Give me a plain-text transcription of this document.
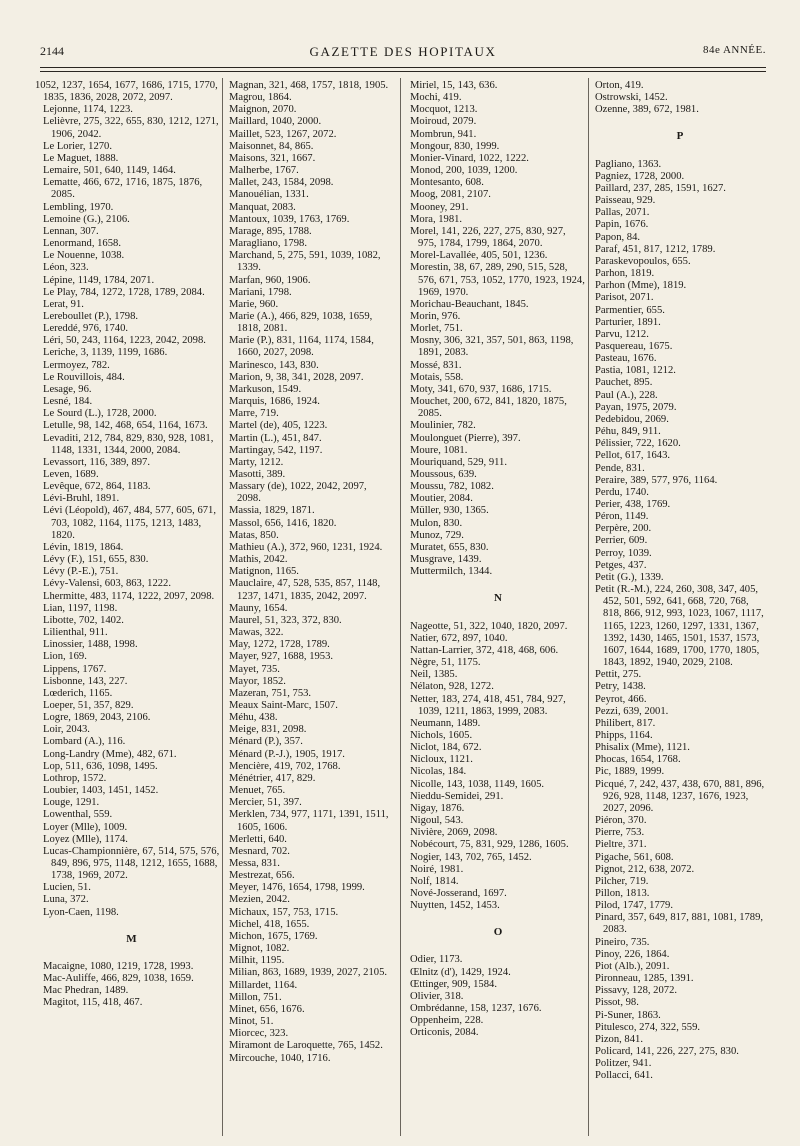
2144	GAZETTE DES HOPITAUX	84e ANNÉE.
1052, 1237, 1654, 1677, 1686, 1715, 1770, 1835, 1836, 2028, 2072, 2097.
Lejonne, 1174, 1223.
Lelièvre, 275, 322, 655, 830, 1212, 1271, 1906, 2042.
Le Lorier, 1270.
Le Maguet, 1888.
Lemaire, 501, 640, 1149, 1464.
Lematte, 466, 672, 1716, 1875, 1876, 2085.
Lembling, 1970.
Lemoine (G.), 2106.
Lennan, 307.
Lenormand, 1658.
Le Nouenne, 1038.
Léon, 323.
Lépine, 1149, 1784, 2071.
Le Play, 784, 1272, 1728, 1789, 2084.
Lerat, 91.
Lereboullet (P.), 1798.
Lereddé, 976, 1740.
Léri, 50, 243, 1164, 1223, 2042, 2098.
Leriche, 3, 1139, 1199, 1686.
Lermoyez, 782.
Le Rouvillois, 484.
Lesage, 96.
Lesné, 184.
Le Sourd (L.), 1728, 2000.
Letulle, 98, 142, 468, 654, 1164, 1673.
Levaditi, 212, 784, 829, 830, 928, 1081, 1148, 1331, 1344, 2000, 2084.
Levassort, 116, 389, 897.
Leven, 1689.
Levêque, 672, 864, 1183.
Lévi-Bruhl, 1891.
Lévi (Léopold), 467, 484, 577, 605, 671, 703, 1082, 1164, 1175, 1213, 1483, 1820.
Lévin, 1819, 1864.
Lévy (F.), 151, 655, 830.
Lévy (P.-E.), 751.
Lévy-Valensi, 603, 863, 1222.
Lhermitte, 483, 1174, 1222, 2097, 2098.
Lian, 1197, 1198.
Libotte, 702, 1402.
Lilienthal, 911.
Linossier, 1488, 1998.
Lion, 169.
Lippens, 1767.
Lisbonne, 143, 227.
Lœderich, 1165.
Loeper, 51, 357, 829.
Logre, 1869, 2043, 2106.
Loir, 2043.
Lombard (A.), 116.
Long-Landry (Mme), 482, 671.
Lop, 511, 636, 1098, 1495.
Lothrop, 1572.
Loubier, 1403, 1451, 1452.
Louge, 1291.
Lowenthal, 559.
Loyer (Mlle), 1009.
Loyez (Mlle), 1174.
Lucas-Championnière, 67, 514, 575, 576, 849, 896, 975, 1148, 1212, 1655, 1688, 1738, 1969, 2072.
Lucien, 51.
Luna, 372.
Lyon-Caen, 1198.
M
Macaigne, 1080, 1219, 1728, 1993.
Mac-Auliffe, 466, 829, 1038, 1659.
Mac Phedran, 1489.
Magitot, 115, 418, 467.
Magnan, 321, 468, 1757, 1818, 1905.
Magrou, 1864.
Maignon, 2070.
Maillard, 1040, 2000.
Maillet, 523, 1267, 2072.
Maisonnet, 84, 865.
Maisons, 321, 1667.
Malherbe, 1767.
Mallet, 243, 1584, 2098.
Manouélian, 1331.
Manquat, 2083.
Mantoux, 1039, 1763, 1769.
Marage, 895, 1788.
Maragliano, 1798.
Marchand, 5, 275, 591, 1039, 1082, 1339.
Marfan, 960, 1906.
Mariani, 1798.
Marie, 960.
Marie (A.), 466, 829, 1038, 1659, 1818, 2081.
Marie (P.), 831, 1164, 1174, 1584, 1660, 2027, 2098.
Marinesco, 143, 830.
Marion, 9, 38, 341, 2028, 2097.
Markuson, 1549.
Marquis, 1686, 1924.
Marre, 719.
Martel (de), 405, 1223.
Martin (L.), 451, 847.
Martingay, 542, 1197.
Marty, 1212.
Masotti, 389.
Massary (de), 1022, 2042, 2097, 2098.
Massia, 1829, 1871.
Massol, 656, 1416, 1820.
Matas, 850.
Mathieu (A.), 372, 960, 1231, 1924.
Mathis, 2042.
Matignon, 1165.
Mauclaire, 47, 528, 535, 857, 1148, 1237, 1471, 1835, 2042, 2097.
Mauny, 1654.
Maurel, 51, 323, 372, 830.
Mawas, 322.
May, 1272, 1728, 1789.
Mayer, 927, 1688, 1953.
Mayet, 735.
Mayor, 1852.
Mazeran, 751, 753.
Meaux Saint-Marc, 1507.
Méhu, 438.
Meige, 831, 2098.
Ménard (P.), 357.
Ménard (P.-J.), 1905, 1917.
Mencière, 419, 702, 1768.
Ménétrier, 417, 829.
Menuet, 765.
Mercier, 51, 397.
Merklen, 734, 977, 1171, 1391, 1511, 1605, 1606.
Merletti, 640.
Mesnard, 702.
Messa, 831.
Mestrezat, 656.
Meyer, 1476, 1654, 1798, 1999.
Mezien, 2042.
Michaux, 157, 753, 1715.
Michel, 418, 1655.
Michon, 1675, 1769.
Mignot, 1082.
Milhit, 1195.
Milian, 863, 1689, 1939, 2027, 2105.
Millardet, 1164.
Millon, 751.
Minet, 656, 1676.
Minot, 51.
Miorcec, 323.
Miramont de Laroquette, 765, 1452.
Mircouche, 1040, 1716.
Miriel, 15, 143, 636.
Mochi, 419.
Mocquot, 1213.
Moiroud, 2079.
Mombrun, 941.
Mongour, 830, 1999.
Monier-Vinard, 1022, 1222.
Monod, 200, 1039, 1200.
Montesanto, 608.
Moog, 2081, 2107.
Mooney, 291.
Mora, 1981.
Morel, 141, 226, 227, 275, 830, 927, 975, 1784, 1799, 1864, 2070.
Morel-Lavallée, 405, 501, 1236.
Morestin, 38, 67, 289, 290, 515, 528, 576, 671, 753, 1052, 1770, 1923, 1924, 1969, 1970.
Morichau-Beauchant, 1845.
Morin, 976.
Morlet, 751.
Mosny, 306, 321, 357, 501, 863, 1198, 1891, 2083.
Mossé, 831.
Motais, 558.
Moty, 341, 670, 937, 1686, 1715.
Mouchet, 200, 672, 841, 1820, 1875, 2085.
Moulinier, 782.
Moulonguet (Pierre), 397.
Moure, 1081.
Mouriquand, 529, 911.
Moussous, 639.
Moussu, 782, 1082.
Moutier, 2084.
Müller, 930, 1365.
Mulon, 830.
Munoz, 729.
Muratet, 655, 830.
Musgrave, 1439.
Muttermilch, 1344.
N
Nageotte, 51, 322, 1040, 1820, 2097.
Natier, 672, 897, 1040.
Nattan-Larrier, 372, 418, 468, 606.
Nègre, 51, 1175.
Neil, 1385.
Nélaton, 928, 1272.
Netter, 183, 274, 418, 451, 784, 927, 1039, 1211, 1863, 1999, 2083.
Neumann, 1489.
Nichols, 1605.
Niclot, 184, 672.
Nicloux, 1121.
Nicolas, 184.
Nicolle, 143, 1038, 1149, 1605.
Nieddu-Semidei, 291.
Nigay, 1876.
Nigoul, 543.
Nivière, 2069, 2098.
Nobécourt, 75, 831, 929, 1286, 1605.
Nogier, 143, 702, 765, 1452.
Noiré, 1981.
Nolf, 1814.
Nové-Josserand, 1697.
Nuytten, 1452, 1453.
O
Odier, 1173.
Œlnitz (d'), 1429, 1924.
Œttinger, 909, 1584.
Olivier, 318.
Ombrédanne, 158, 1237, 1676.
Oppenheim, 228.
Orticonis, 2084.
Orton, 419.
Ostrowski, 1452.
Ozenne, 389, 672, 1981.
P
Pagliano, 1363.
Pagniez, 1728, 2000.
Paillard, 237, 285, 1591, 1627.
Paisseau, 929.
Pallas, 2071.
Papin, 1676.
Papon, 84.
Paraf, 451, 817, 1212, 1789.
Paraskevopoulos, 655.
Parhon, 1819.
Parhon (Mme), 1819.
Parisot, 2071.
Parmentier, 655.
Parturier, 1891.
Parvu, 1212.
Pasquereau, 1675.
Pasteau, 1676.
Pastia, 1081, 1212.
Pauchet, 895.
Paul (A.), 228.
Payan, 1975, 2079.
Pedebidou, 2069.
Péhu, 849, 911.
Pélissier, 722, 1620.
Pellot, 617, 1643.
Pende, 831.
Peraire, 389, 577, 976, 1164.
Perdu, 1740.
Perier, 438, 1769.
Péron, 1149.
Perpère, 200.
Perrier, 609.
Perroy, 1039.
Petges, 437.
Petit (G.), 1339.
Petit (R.-M.), 224, 260, 308, 347, 405, 452, 501, 592, 641, 668, 720, 768, 818, 866, 912, 993, 1023, 1067, 1117, 1165, 1223, 1260, 1297, 1331, 1367, 1392, 1430, 1465, 1501, 1537, 1573, 1607, 1644, 1689, 1700, 1770, 1805, 1843, 1892, 1940, 2029, 2108.
Pettit, 275.
Petry, 1438.
Peyrot, 466.
Pezzi, 639, 2001.
Philibert, 817.
Phipps, 1164.
Phisalix (Mme), 1121.
Phocas, 1654, 1768.
Pic, 1889, 1999.
Picqué, 7, 242, 437, 438, 670, 881, 896, 926, 928, 1148, 1237, 1676, 1923, 2027, 2096.
Piéron, 370.
Pierre, 753.
Pieltre, 371.
Pigache, 561, 608.
Pignot, 212, 638, 2072.
Pilcher, 719.
Pillon, 1813.
Pilod, 1747, 1779.
Pinard, 357, 649, 817, 881, 1081, 1789, 2083.
Pineiro, 735.
Pinoy, 226, 1864.
Piot (Alb.), 2091.
Pironneau, 1285, 1391.
Pissavy, 128, 2072.
Pissot, 98.
Pi-Suner, 1863.
Pitulesco, 274, 322, 559.
Pizon, 841.
Policard, 141, 226, 227, 275, 830.
Politzer, 941.
Pollacci, 641.
